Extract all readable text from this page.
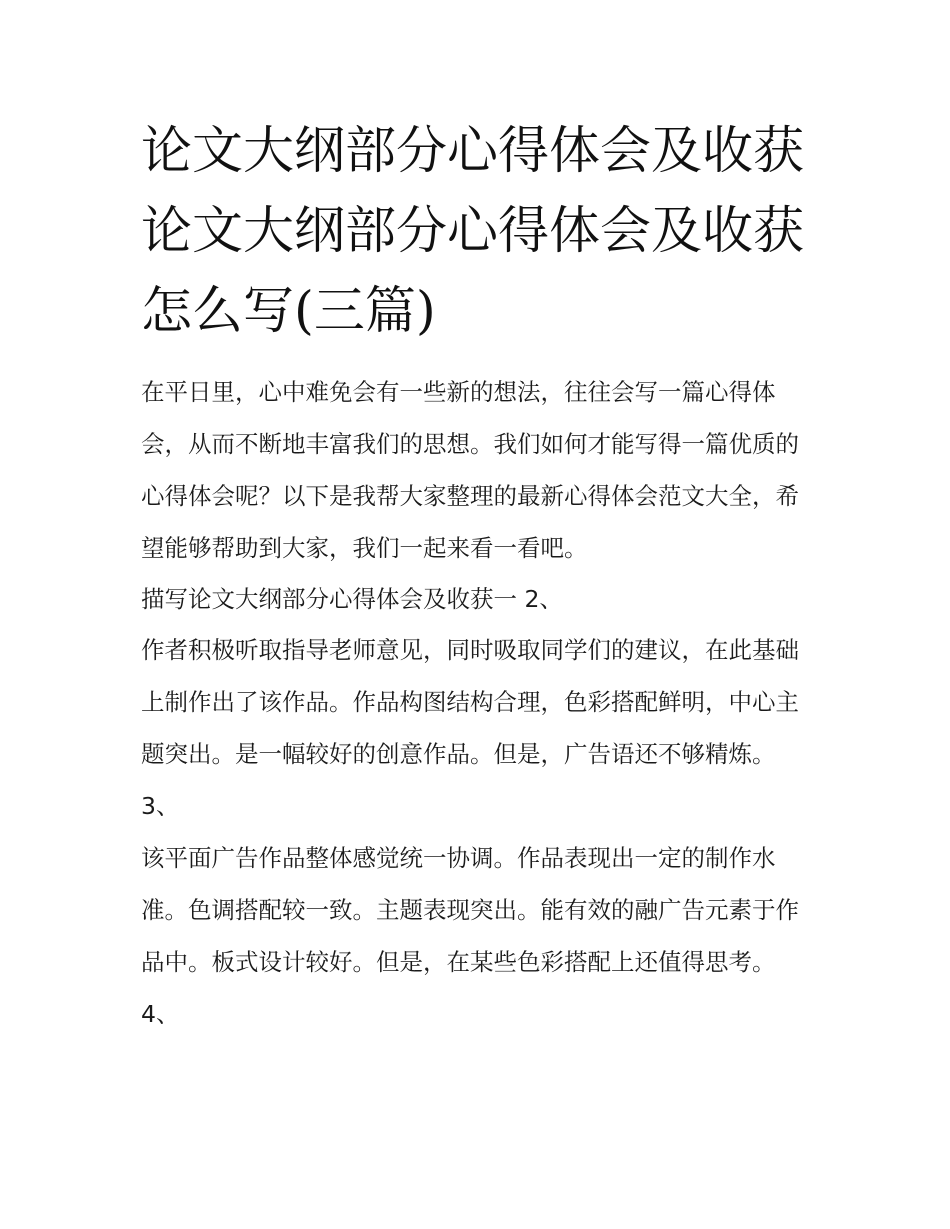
论文大纲部分心得体会及收获论文大纲部分心得体会及收获怎么写(三篇)

在平日里，心中难免会有一些新的想法，往往会写一篇心得体会，从而不断地丰富我们的思想。我们如何才能写得一篇优质的心得体会呢？以下是我帮大家整理的最新心得体会范文大全，希望能够帮助到大家，我们一起来看一看吧。

描写论文大纲部分心得体会及收获一 2、

作者积极听取指导老师意见，同时吸取同学们的建议，在此基础上制作出了该作品。作品构图结构合理，色彩搭配鲜明，中心主题突出。是一幅较好的创意作品。但是，广告语还不够精炼。

3、

该平面广告作品整体感觉统一协调。作品表现出一定的制作水准。色调搭配较一致。主题表现突出。能有效的融广告元素于作品中。板式设计较好。但是，在某些色彩搭配上还值得思考。

4、
